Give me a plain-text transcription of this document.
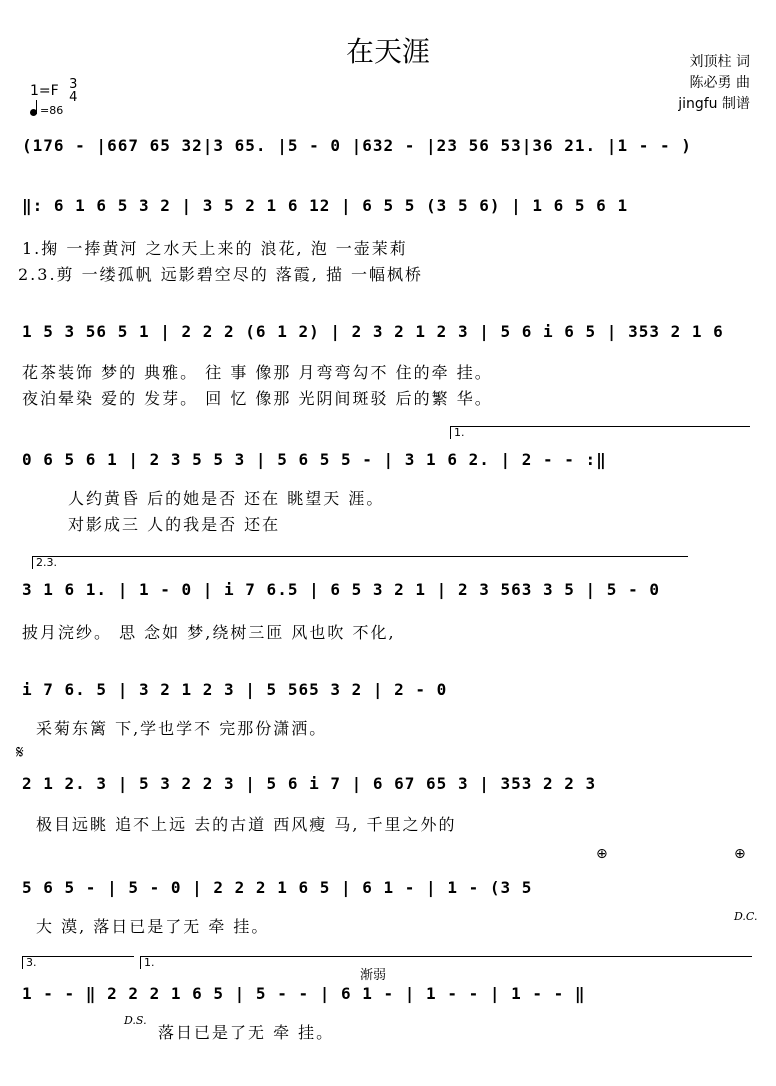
在天涯	刘顶柱 词
陈必勇 曲
jingfu 制谱
1=F 3
4
=86
(176 - |667 65 32|3 65. |5 - 0 |632 - |23 56 53|36 21. |1 - - )
‖: 6 1 6 5 3 2 | 3 5 2 1 6 12 | 6 5 5 (3 5 6) | 1 6 5 6 1
1.掬 一捧黄河 之水天上来的 浪花, 泡 一壶茉莉
2.3.剪 一缕孤帆 远影碧空尽的 落霞, 描 一幅枫桥
1 5 3 56 5 1 | 2 2 2 (6 1 2) | 2 3 2 1 2 3 | 5 6 i 6 5 | 353 2 1 6
花茶装饰 梦的 典雅。 往 事 像那 月弯弯勾不 住的牵 挂。
夜泊晕染 爱的 发芽。 回 忆 像那 光阴间斑驳 后的繁 华。
1.
0 6 5 6 1 | 2 3 5 5 3 | 5 6 5 5 - | 3 1 6 2. | 2 - - :‖
人约黄昏 后的她是否 还在 眺望天 涯。
对影成三 人的我是否 还在
2.3.
3 1 6 1. | 1 - 0 | i 7 6.5 | 6 5 3 2 1 | 2 3 563 3 5 | 5 - 0
披月浣纱。 思 念如 梦,绕树三匝 风也吹 不化,
i 7 6. 5 | 3 2 1 2 3 | 5 565 3 2 | 2 - 0
采菊东篱 下,学也学不 完那份潇洒。
𝄋
2 1 2. 3 | 5 3 2 2 3 | 5 6 i 7 | 6 67 65 3 | 353 2 2 3
极目远眺 追不上远 去的古道 西风瘦 马, 千里之外的
⊕	⊕
5 6 5 - | 5 - 0 | 2 2 2 1 6 5 | 6 1 - | 1 - (3 5
D.C.
大 漠, 落日已是了无 牵 挂。
3.	1.
渐弱
1 - - ‖ 2 2 2 1 6 5 | 5 - - | 6 1 - | 1 - - | 1 - - ‖
D.S.
落日已是了无 牵 挂。
